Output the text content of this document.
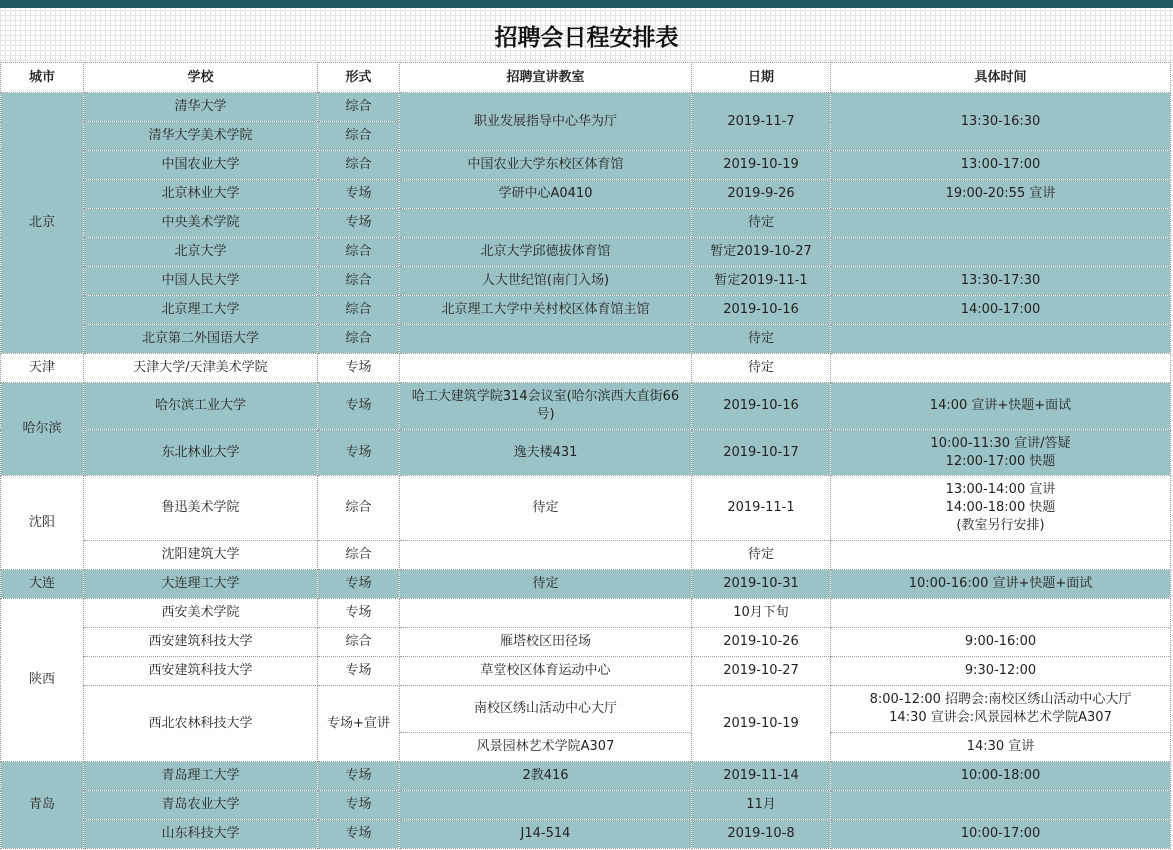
招聘会日程安排表
城市	学校	形式	招聘宣讲教室	日期	具体时间
北京	清华大学	综合	职业发展指导中心华为厅	2019-11-7	13:30-16:30
	清华大学美术学院	综合			
	中国农业大学	综合	中国农业大学东校区体育馆	2019-10-19	13:00-17:00
	北京林业大学	专场	学研中心A0410	2019-9-26	19:00-20:55 宣讲
	中央美术学院	专场		待定	
	北京大学	综合	北京大学邱德拔体育馆	暂定2019-10-27	
	中国人民大学	综合	人大世纪馆(南门入场)	暂定2019-11-1	13:30-17:30
	北京理工大学	综合	北京理工大学中关村校区体育馆主馆	2019-10-16	14:00-17:00
	北京第二外国语大学	综合		待定	
天津	天津大学/天津美术学院	专场		待定	
哈尔滨	哈尔滨工业大学	专场	哈工大建筑学院314会议室(哈尔滨西大直街66号)	2019-10-16	14:00 宣讲+快题+面试
	东北林业大学	专场	逸夫楼431	2019-10-17	10:00-11:30 宣讲/答疑
12:00-17:00 快题
沈阳	鲁迅美术学院	综合	待定	2019-11-1	13:00-14:00 宣讲
14:00-18:00 快题
(教室另行安排)
	沈阳建筑大学	综合		待定	
大连	大连理工大学	专场	待定	2019-10-31	10:00-16:00 宣讲+快题+面试
陕西	西安美术学院	专场		10月下旬	
	西安建筑科技大学	综合	雁塔校区田径场	2019-10-26	9:00-16:00
	西安建筑科技大学	专场	草堂校区体育运动中心	2019-10-27	9:30-12:00
	西北农林科技大学	专场+宣讲	南校区绣山活动中心大厅	2019-10-19	8:00-12:00 招聘会:南校区绣山活动中心大厅
14:30 宣讲会:风景园林艺术学院A307
			风景园林艺术学院A307		14:30 宣讲
青岛	青岛理工大学	专场	2教416	2019-11-14	10:00-18:00
	青岛农业大学	专场		11月	
	山东科技大学	专场	J14-514	2019-10-8	10:00-17:00
